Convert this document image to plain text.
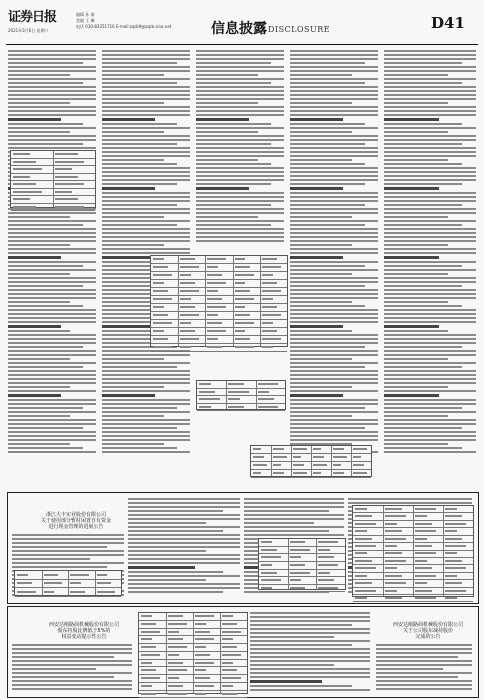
证券日报
2021年3月6日 星期六
编辑 孙 倩
美编 王 琳
电话 010-83251716 E-mail:zqrb9@zqrb.sina.net	信息披露 DISCLOSURE	D41
浙江大丰实业股份有限公司
关于使用部分暂时闲置自有资金
进行现金管理的进展公告
西安达刚路面机械股份有限公司
股东持股比例低于5%的
权益变动提示性公告
西安达刚路面机械股份有限公司
关于公司股东减持股份
完成的公告
